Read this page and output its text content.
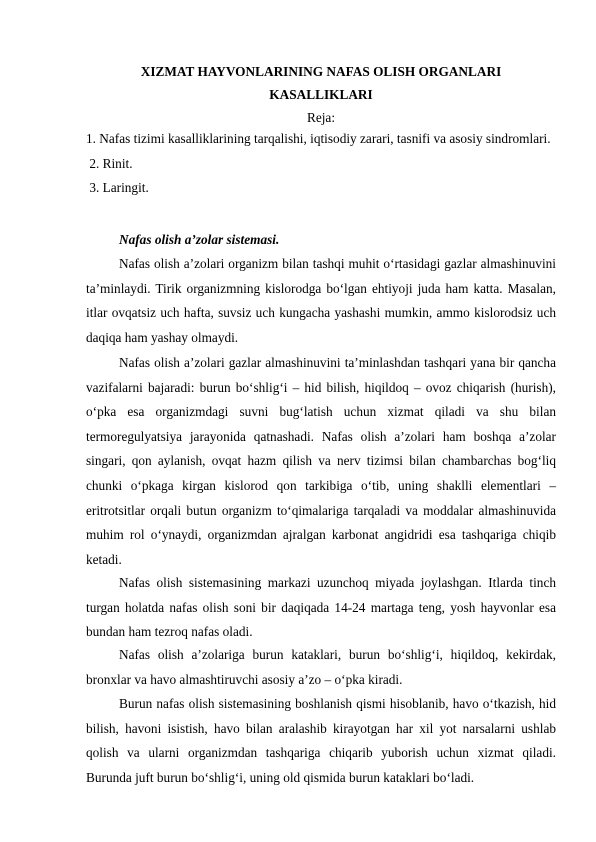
XIZMAT HAYVONLARINING NAFAS OLISH ORGANLARI
KASALLIKLARI
Reja:
1. Nafas tizimi kasalliklarining tarqalishi, iqtisodiy zarari, tasnifi va asosiy sindromlari.
2. Rinit.
3. Laringit.
Nafas olish a’zolar sistemasi.
Nafas olish a’zolari organizm bilan tashqi muhit o‘rtasidagi gazlar almashinuvini ta’minlaydi. Tirik organizmning kislorodga bo‘lgan ehtiyoji juda ham katta. Masalan, itlar ovqatsiz uch hafta, suvsiz uch kungacha yashashi mumkin, ammo kislorodsiz uch daqiqa ham yashay olmaydi.
Nafas olish a’zolari gazlar almashinuvini ta’minlashdan tashqari yana bir qancha vazifalarni bajaradi: burun bo‘shlig‘i – hid bilish, hiqildoq – ovoz chiqarish (hurish), o‘pka esa organizmdagi suvni bug‘latish uchun xizmat qiladi va shu bilan termoregulyatsiya jarayonida qatnashadi. Nafas olish a’zolari ham boshqa a’zolar singari, qon aylanish, ovqat hazm qilish va nerv tizimsi bilan chambarchas bog‘liq chunki o‘pkaga kirgan kislorod qon tarkibiga o‘tib, uning shaklli elementlari – eritrotsitlar orqali butun organizm to‘qimalariga tarqaladi va moddalar almashinuvida muhim rol o‘ynaydi, organizmdan ajralgan karbonat angidridi esa tashqariga chiqib ketadi.
Nafas olish sistemasining markazi uzunchoq miyada joylashgan. Itlarda tinch turgan holatda nafas olish soni bir daqiqada 14-24 martaga teng, yosh hayvonlar esa bundan ham tezroq nafas oladi.
Nafas olish a’zolariga burun kataklari, burun bo‘shlig‘i, hiqildoq, kekirdak, bronxlar va havo almashtiruvchi asosiy a’zo – o‘pka kiradi.
Burun nafas olish sistemasining boshlanish qismi hisoblanib, havo o‘tkazish, hid bilish, havoni isistish, havo bilan aralashib kirayotgan har xil yot narsalarni ushlab qolish va ularni organizmdan tashqariga chiqarib yuborish uchun xizmat qiladi. Burunda juft burun bo‘shlig‘i, uning old qismida burun kataklari bo‘ladi.
